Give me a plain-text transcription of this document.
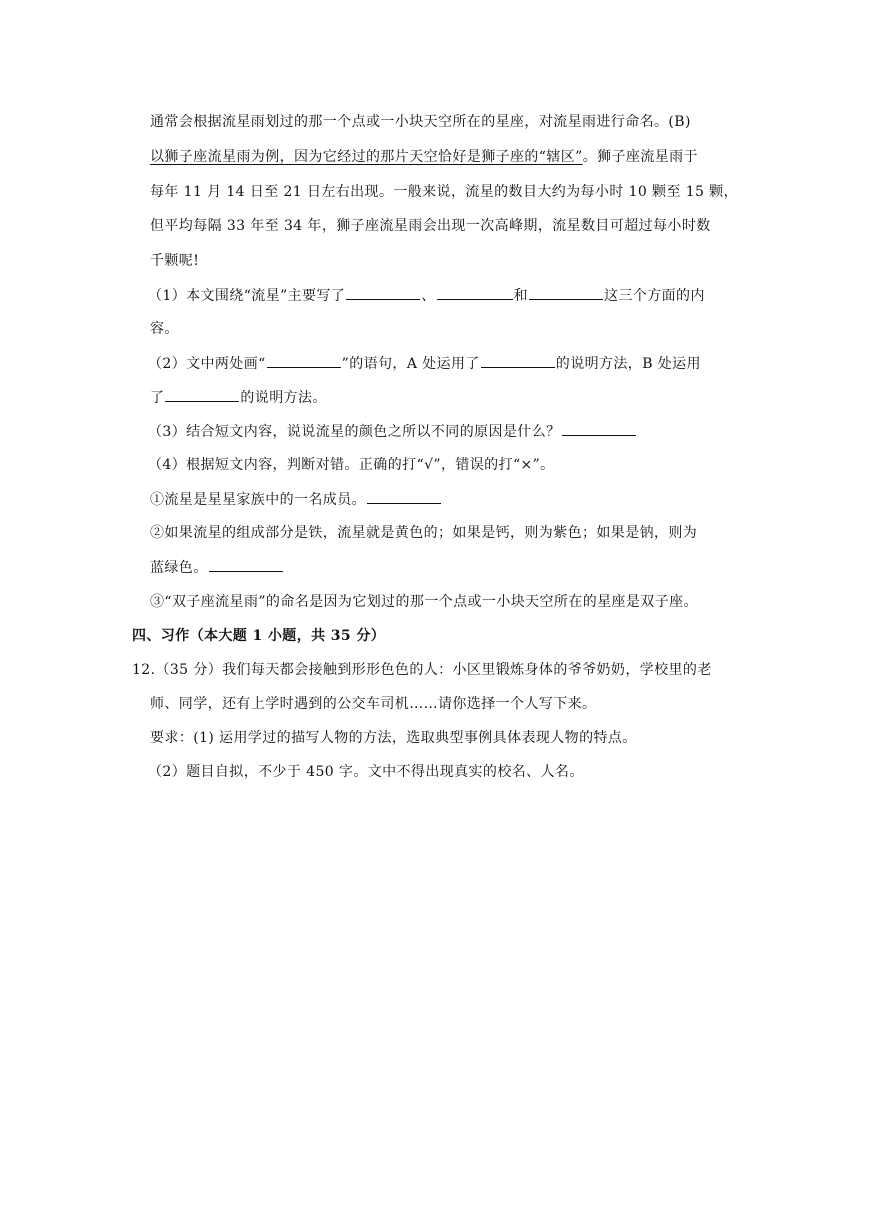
通常会根据流星雨划过的那一个点或一小块天空所在的星座，对流星雨进行命名。(B)
以狮子座流星雨为例，因为它经过的那片天空恰好是狮子座的“辖区”。狮子座流星雨于
每年 11 月 14 日至 21 日左右出现。一般来说，流星的数目大约为每小时 10 颗至 15 颗，
但平均每隔 33 年至 34 年，狮子座流星雨会出现一次高峰期，流星数目可超过每小时数
千颗呢!
（1）本文围绕“流星”主要写了	、	和	这三个方面的内
容。
（2）文中两处画“	”的语句，A 处运用了	的说明方法，B 处运用
了	的说明方法。
（3）结合短文内容，说说流星的颜色之所以不同的原因是什么？
（4）根据短文内容，判断对错。正确的打“√”，错误的打“×”。
①流星是星星家族中的一名成员。
②如果流星的组成部分是铁，流星就是黄色的；如果是钙，则为紫色；如果是钠，则为
蓝绿色。
③“双子座流星雨”的命名是因为它划过的那一个点或一小块天空所在的星座是双子座。
四、习作（本大题 1 小题，共 35 分）
12.（35 分）我们每天都会接触到形形色色的人：小区里锻炼身体的爷爷奶奶，学校里的老
师、同学，还有上学时遇到的公交车司机……请你选择一个人写下来。
要求：(1) 运用学过的描写人物的方法，选取典型事例具体表现人物的特点。
（2）题目自拟，不少于 450 字。文中不得出现真实的校名、人名。
